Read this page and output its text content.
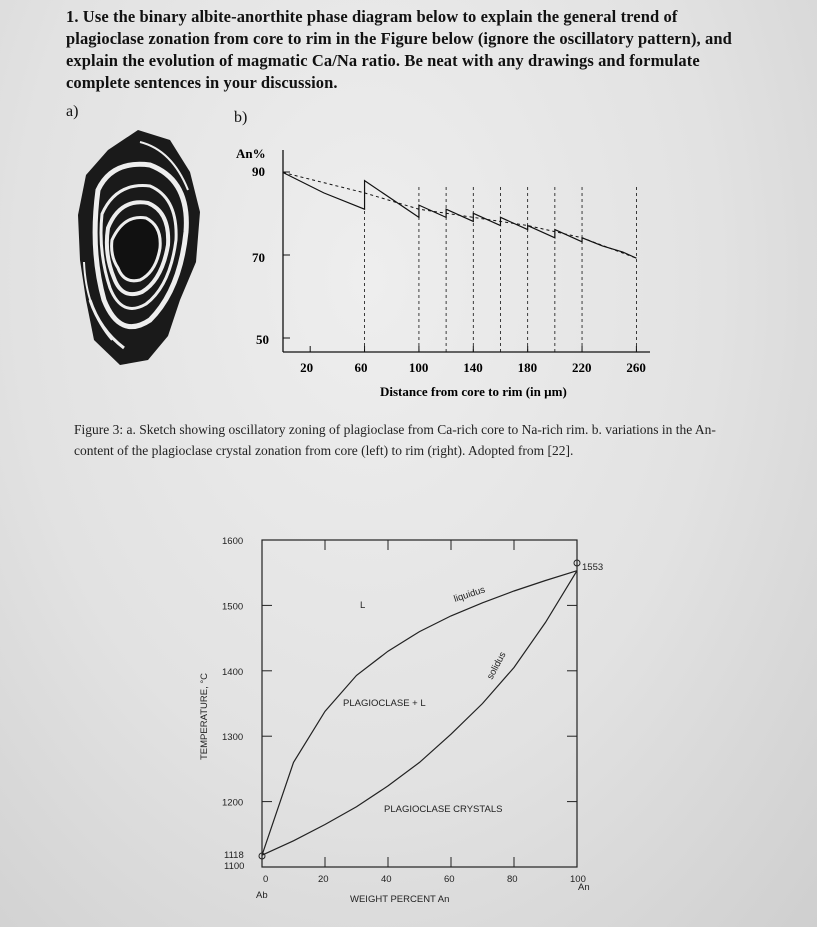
1. Use the binary albite-anorthite phase diagram below to explain the general trend of plagioclase zonation from core to rim in the Figure below (ignore the oscillatory pattern), and explain the evolution of magmatic Ca/Na ratio. Be neat with any drawings and formulate complete sentences in your discussion.
a)	b)
An%
90
70
50
20	60	100	140	180	220	260
Distance from core to rim (in µm)
Figure 3: a. Sketch showing oscillatory zoning of plagioclase from Ca-rich core to Na-rich rim. b. variations in the An-content of the plagioclase crystal zonation from core (left) to rim (right). Adopted from [22].
1600
1500
1400
1300
1200
1118
1100
0	20	40	60	80	100
TEMPERATURE, °C
Ab
An
WEIGHT PERCENT An
1553
L
liquidus
solidus
PLAGIOCLASE + L
PLAGIOCLASE CRYSTALS
